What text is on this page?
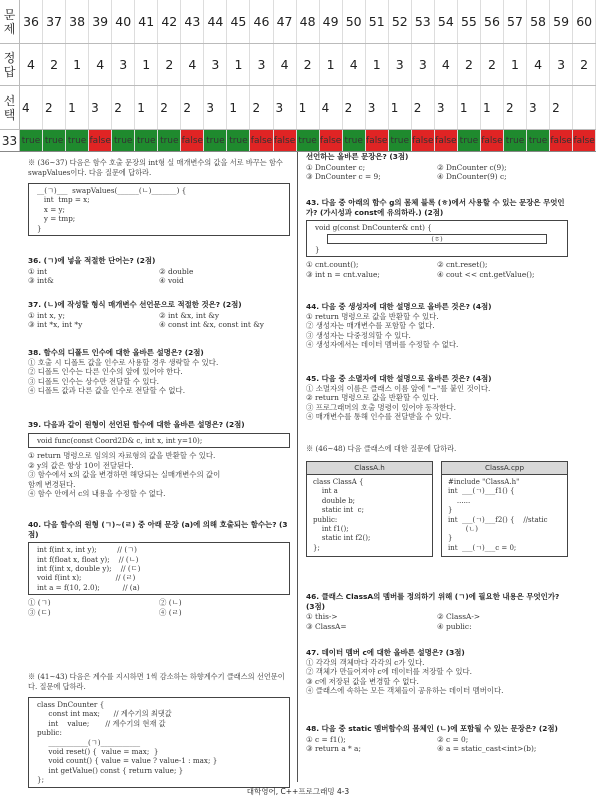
문
제 36 37 38 39 40 41 42 43 44 45 46 47 48 49 50 51 52 53 54 55 56 57 58 59 60
정
답 4	2	1	4	3	1	2	4	3	1	3	4	2	1	4	1	3	3	4	2	2	1	4	3	2
선
택 4	2	1	3	2	1	2	2	3	1	2	3	1	4	2	3	1	2	3	1	1	2	3	2
33 true true true false true true true false true true false false true false true false true false false true false true true false false
※ (36~37) 다음은 함수 호출 문장의 int형 실 매개변수의 값을 서로 바꾸는 함수 swapValues이다. 다음 질문에 답하라.
__(ㄱ)___  swapValues(______(ㄴ)_______) {
int  tmp = x;
x = y;
y = tmp;
}
36. (ㄱ)에 넣을 적절한 단어는? (2점)
① int	② double
③ int&	④ void
37. (ㄴ)에 작성할 형식 매개변수 선언문으로 적절한 것은? (2점)
① int x, y;	② int &x, int &y
③ int *x, int *y	④ const int &x, const int &y
38. 함수의 디폴트 인수에 대한 올바른 설명은? (2점)
① 호출 시 디폴트 값을 인수로 사용할 경우 생략할 수 있다.
② 디폴트 인수는 다른 인수의 앞에 있어야 한다.
③ 디폴트 인수는 상수만 전달할 수 있다.
④ 디폴트 값과 다른 값을 인수로 전달할 수 없다.
39. 다음과 같이 원형이 선언된 함수에 대한 올바른 설명은? (2점)
void func(const Coord2D& c, int x, int y=10);
① return 명령으로 임의의 자료형의 값을 반환할 수 있다.
② y의 값은 항상 10이 전달된다.
③ 함수에서 x의 값을 변경하면 해당되는 실매개변수의 값이
함께 변경된다.
④ 함수 안에서 c의 내용을 수정할 수 없다.
40. 다음 함수의 원형 (ㄱ)~(ㄹ) 중 아래 문장 (a)에 의해 호출되는 함수는? (3점)
int f(int x, int y);         // (ㄱ)
int f(float x, float y);    // (ㄴ)
int f(int x, double y);    // (ㄷ)
void f(int x);               // (ㄹ)
int a = f(10, 2.0);          // (a)
① (ㄱ)	② (ㄴ)
③ (ㄷ)	④ (ㄹ)
※ (41~43) 다음은 계수를 지시하면 1씩 감소하는 하향계수기 클래스의 선언문이다. 질문에 답하라.
class DnCounter {
const int max;      // 계수기의 최댓값
int    value;       // 계수기의 현재 값
public:
___________(ㄱ)___________
void reset() {  value = max;  }
void count() { value = value ? value-1 : max; }
int getValue() const { return value; }
};
선언하는 올바른 문장은? (3점)
① DnCounter c;	② DnCounter c(9);
③ DnCounter c = 9;	④ DnCounter(9) c;
43. 다음 중 아래의 함수 g의 몸체 블록 (ㅎ)에서 사용할 수 있는 문장은 무엇인가? (가시성과 const에 유의하라.) (2점)
void g(const DnCounter& cnt) {
(ㅎ)
}
① cnt.count();	② cnt.reset();
③ int n = cnt.value;	④ cout << cnt.getValue();
44. 다음 중 생성자에 대한 설명으로 올바른 것은? (4점)
① return 명령으로 값을 반환할 수 있다.
② 생성자는 매개변수를 포함할 수 없다.
③ 생성자는 다중정의할 수 있다.
④ 생성자에서는 데이터 멤버를 수정할 수 없다.
45. 다음 중 소멸자에 대한 설명으로 올바른 것은? (4점)
① 소멸자의 이름은 클래스 이름 앞에 "~"를 붙인 것이다.
② return 명령으로 값을 반환할 수 있다.
③ 프로그래머의 호출 명령이 있어야 동작한다.
④ 매개변수를 통해 인수를 전달받을 수 있다.
※ (46~48) 다음 클래스에 대한 질문에 답하라.
ClassA.h
class ClassA {
int a
double b;
static int  c;
public:
int f1();
static int f2();
};
ClassA.cpp
#include "ClassA.h"
int  ___(ㄱ)___f1() {
......
}
int  ___(ㄱ)___f2() {    //static
(ㄴ)
}
int  ___(ㄱ)___c = 0;
46. 클래스 ClassA의 멤버를 정의하기 위해 (ㄱ)에 필요한 내용은 무엇인가? (3점)
① this->	② ClassA->
③ ClassA=	④ public:
47. 데이터 멤버 c에 대한 올바른 설명은? (3점)
① 각각의 객체마다 각각의 c가 있다.
② 객체가 만들어져야 c에 데이터를 저장할 수 있다.
③ c에 저장된 값을 변경할 수 없다.
④ 클래스에 속하는 모든 객체들이 공유하는 데이터 멤버이다.
48. 다음 중 static 멤버함수의 몸체인 (ㄴ)에 포함될 수 있는 문장은? (2점)
① c = f1();	② c = 0;
③ return a * a;	④ a = static_cast<int>(b);
대학영어, C++프로그래밍 4-3
